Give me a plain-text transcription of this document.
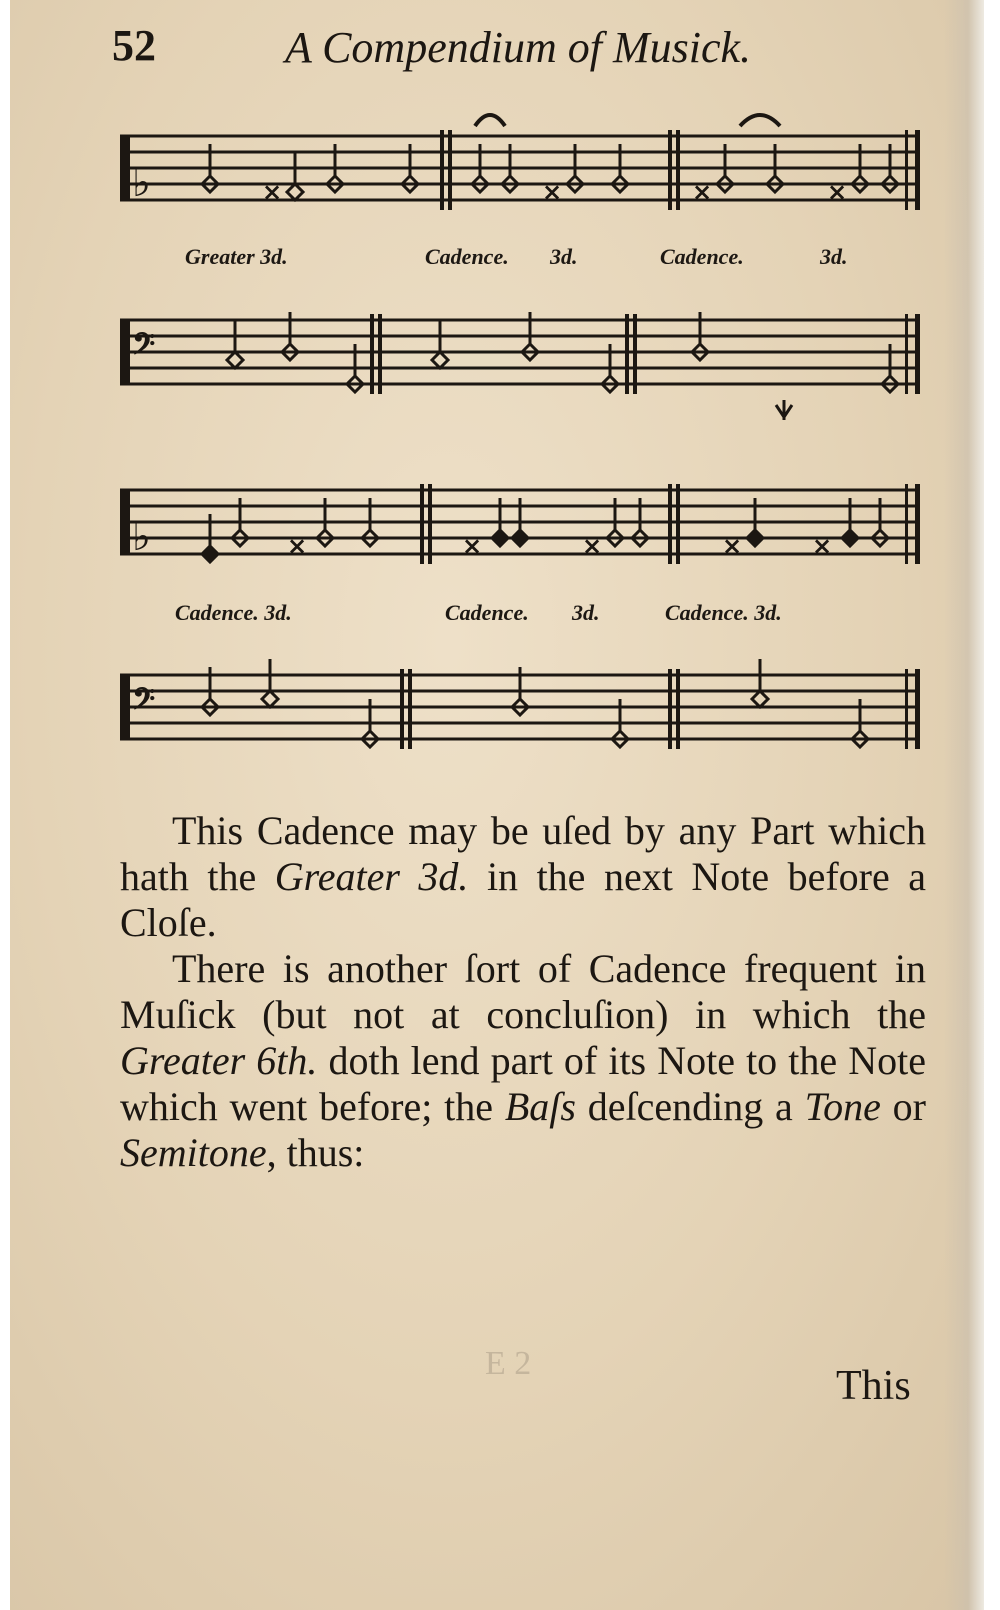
52	A Compendium of Musick.
♭	×	×	×	×
Greater 3d.	Cadence. 3d.	Cadence.	3d.
𝄢
♭	×	×	×	×	×
Cadence. 3d.	Cadence. 3d.	Cadence. 3d.
𝄢

This Cadence may be uſed by any Part which hath the Greater 3d. in the next Note before a Cloſe.

There is another ſort of Cadence frequent in Muſick (but not at concluſion) in which the Greater 6th. doth lend part of its Note to the Note which went before; the Baſs deſcending a Tone or Semitone, thus:

E 2	This
